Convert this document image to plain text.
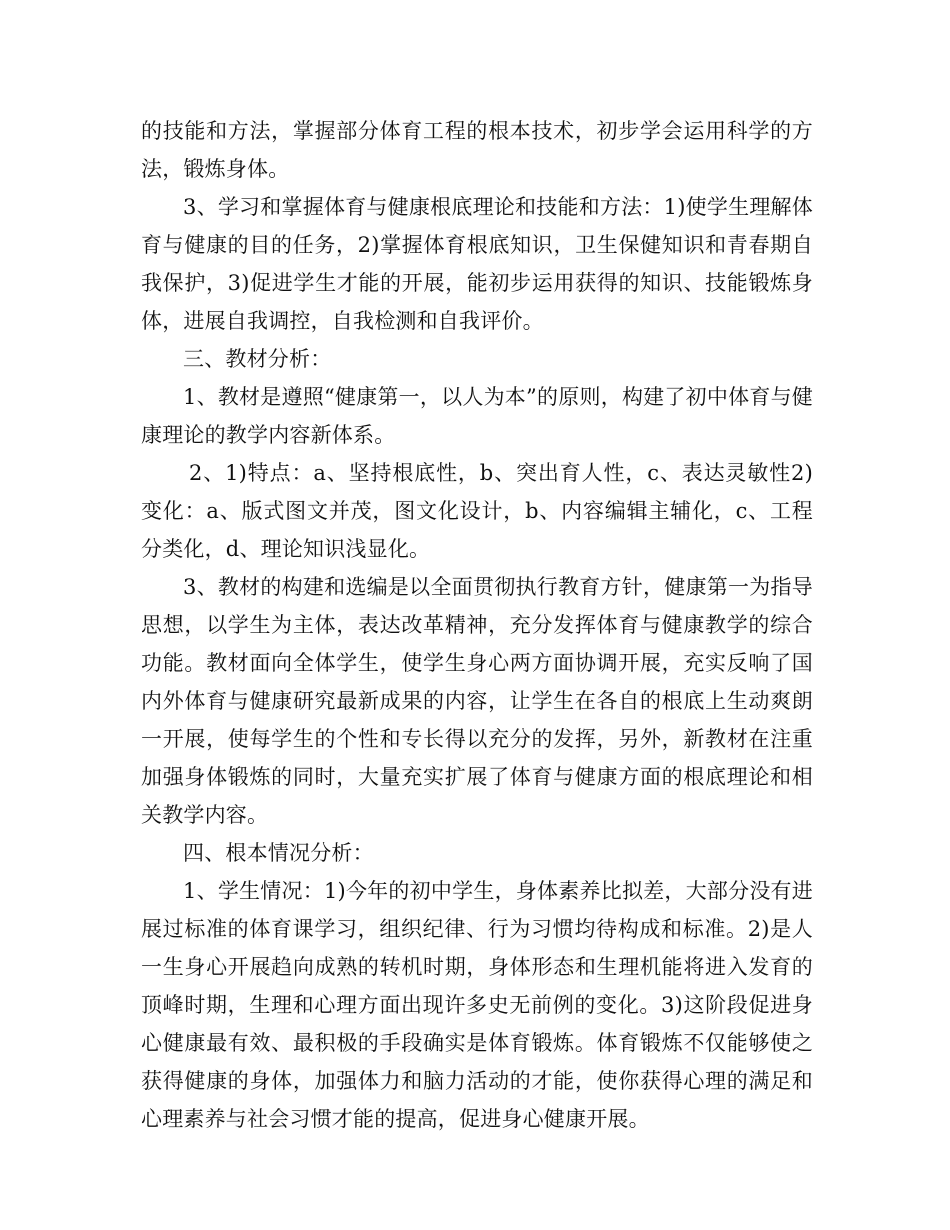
的技能和方法，掌握部分体育工程的根本技术，初步学会运用科学的方法，锻炼身体。

3、学习和掌握体育与健康根底理论和技能和方法：1)使学生理解体育与健康的目的任务，2)掌握体育根底知识，卫生保健知识和青春期自我保护，3)促进学生才能的开展，能初步运用获得的知识、技能锻炼身体，进展自我调控，自我检测和自我评价。

三、教材分析：

1、教材是遵照“健康第一，以人为本”的原则，构建了初中体育与健康理论的教学内容新体系。

2、1)特点：a、坚持根底性，b、突出育人性，c、表达灵敏性2)变化：a、版式图文并茂，图文化设计，b、内容编辑主辅化，c、工程分类化，d、理论知识浅显化。

3、教材的构建和选编是以全面贯彻执行教育方针，健康第一为指导思想，以学生为主体，表达改革精神，充分发挥体育与健康教学的综合功能。教材面向全体学生，使学生身心两方面协调开展，充实反响了国内外体育与健康研究最新成果的内容，让学生在各自的根底上生动爽朗一开展，使每学生的个性和专长得以充分的发挥，另外，新教材在注重加强身体锻炼的同时，大量充实扩展了体育与健康方面的根底理论和相关教学内容。

四、根本情况分析：

1、学生情况：1)今年的初中学生，身体素养比拟差，大部分没有进展过标准的体育课学习，组织纪律、行为习惯均待构成和标准。2)是人一生身心开展趋向成熟的转机时期，身体形态和生理机能将进入发育的顶峰时期，生理和心理方面出现许多史无前例的变化。3)这阶段促进身心健康最有效、最积极的手段确实是体育锻炼。体育锻炼不仅能够使之获得健康的身体，加强体力和脑力活动的才能，使你获得心理的满足和心理素养与社会习惯才能的提高，促进身心健康开展。
